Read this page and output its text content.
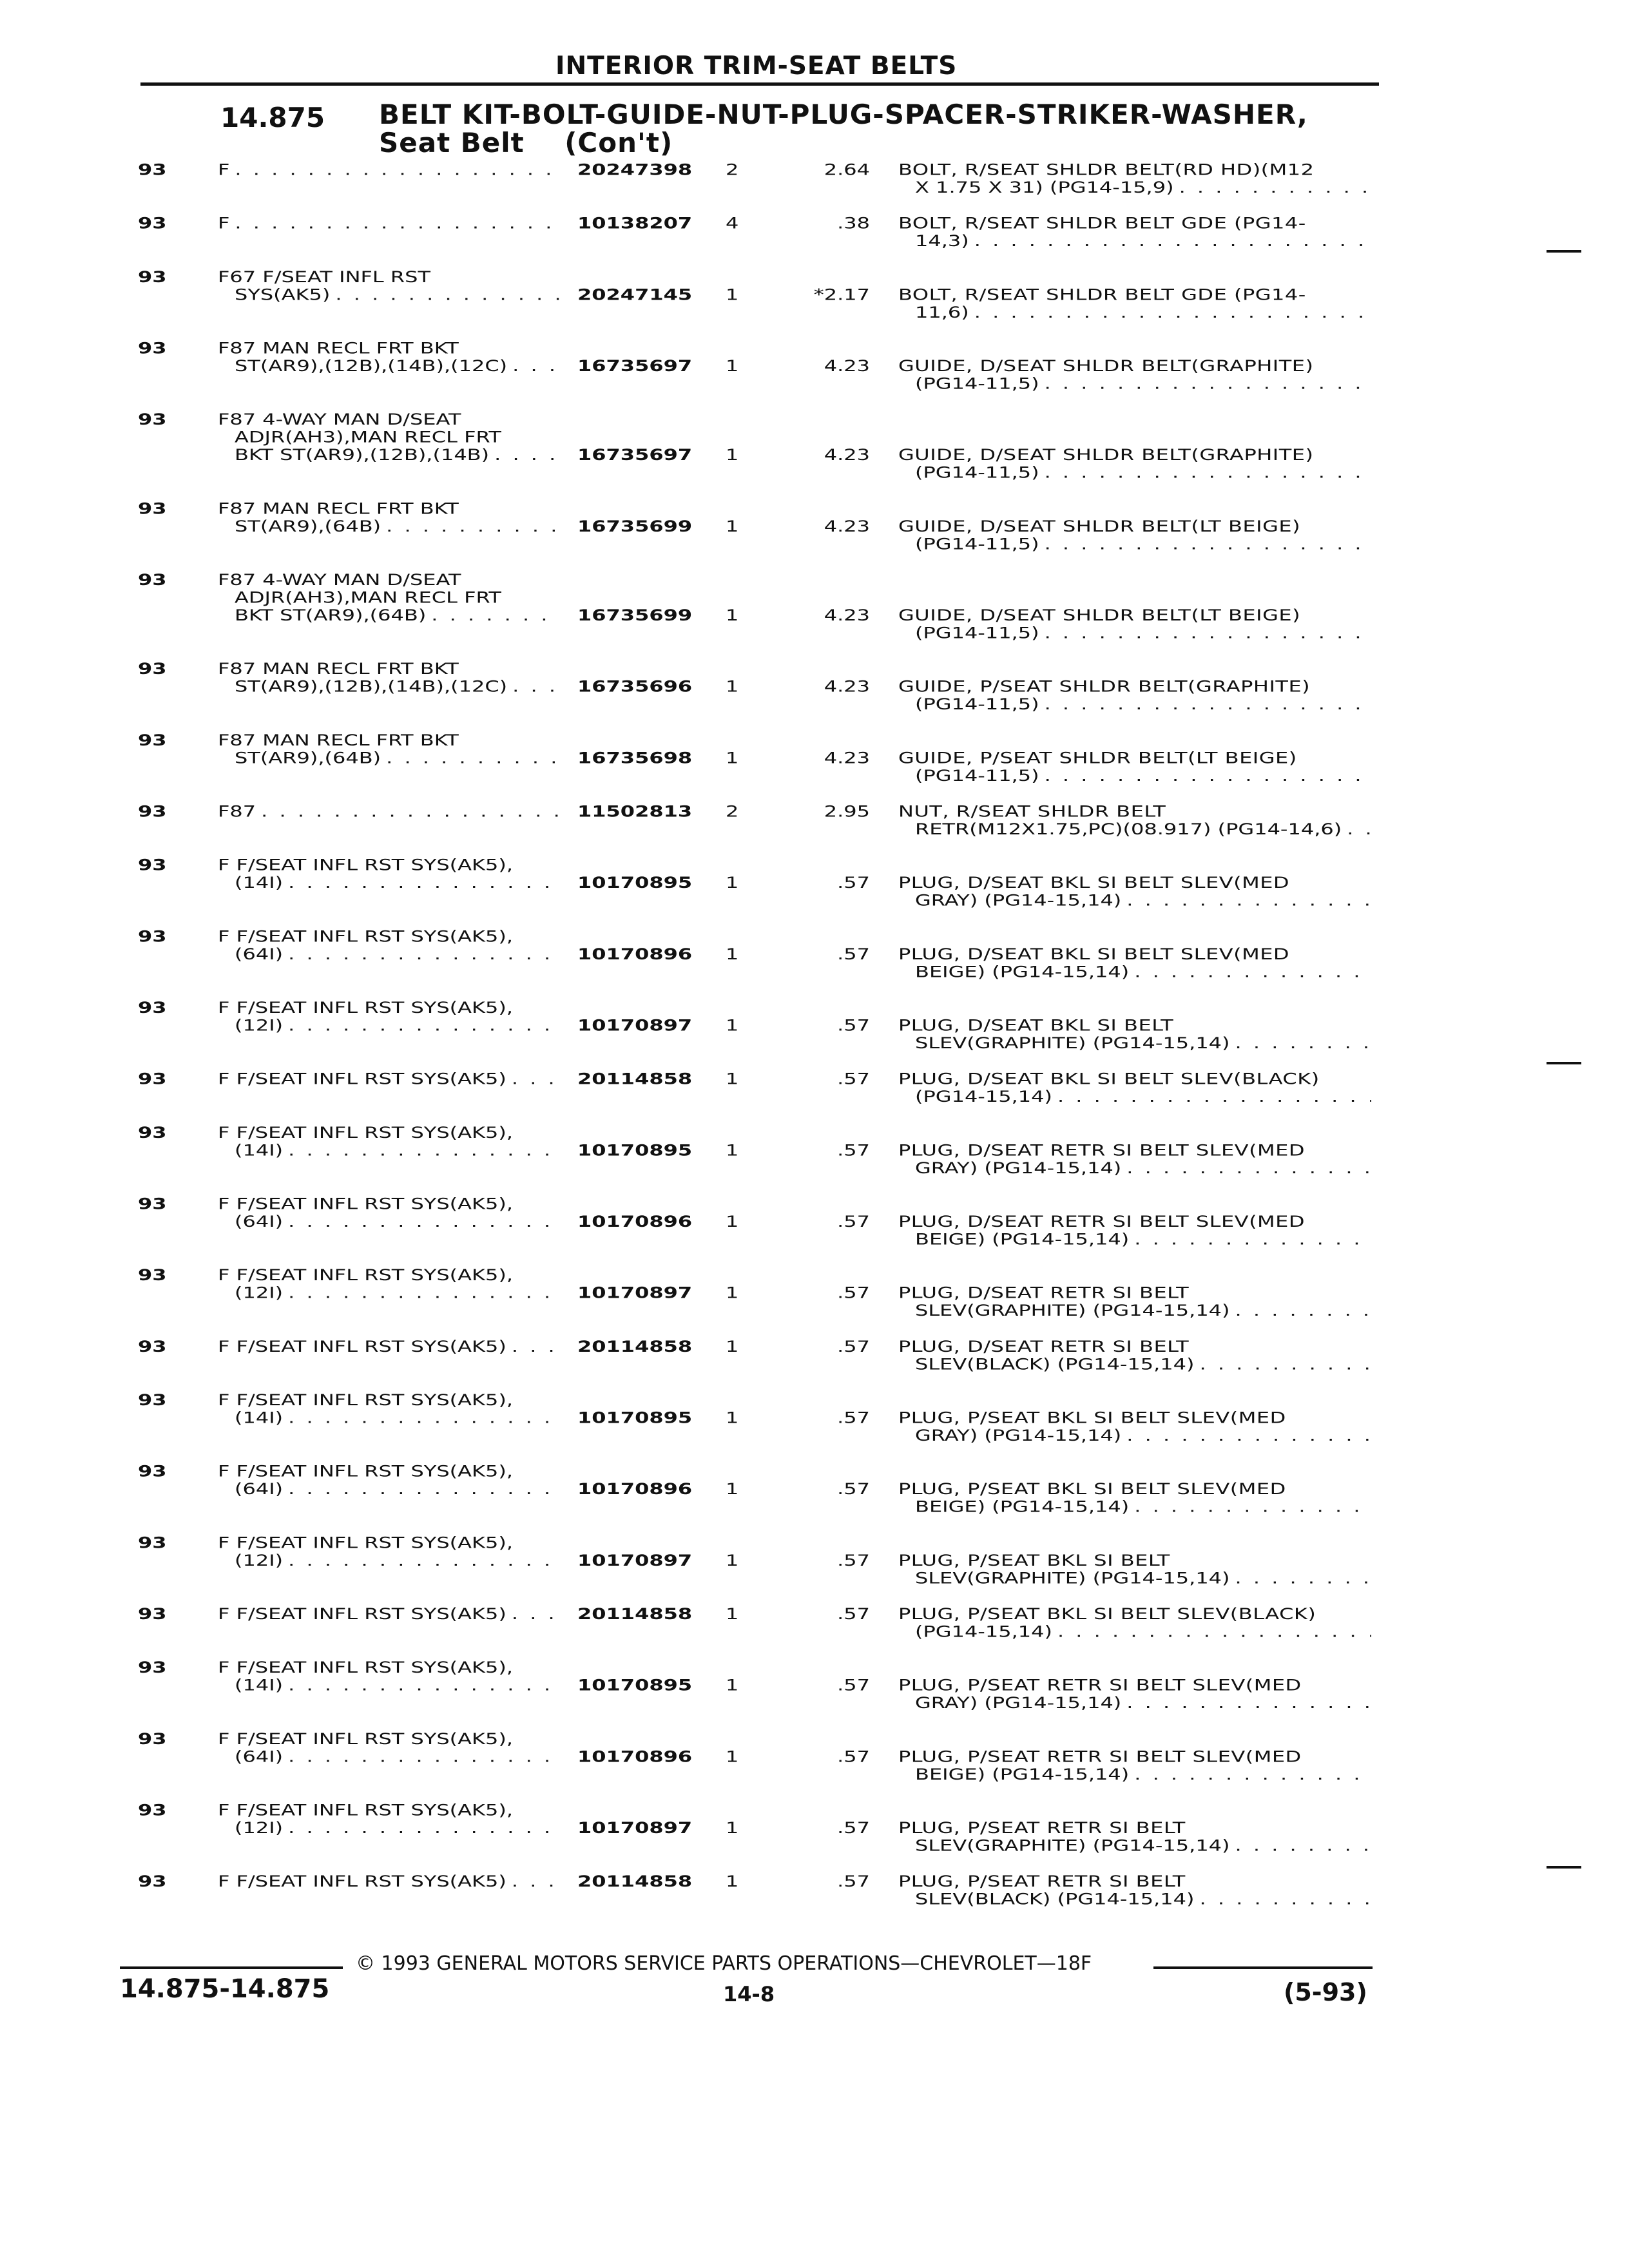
INTERIOR TRIM-SEAT BELTS
14.875 BELT KIT-BOLT-GUIDE-NUT-PLUG-SPACER-STRIKER-WASHER,
Seat Belt    (Con't)
93 F . . .	20247398	2	2.64 BOLT, R/SEAT SHLDR BELT(RD HD)(M12
X 1.75 X 31) (PG14-15,9)
. . .
93 F . . .	10138207	4	.38 BOLT, R/SEAT SHLDR BELT GDE (PG14-
14,3)
. . .
93 F67 F/SEAT INFL RST
SYS(AK5) . . .	20247145	1	*2.17 BOLT, R/SEAT SHLDR BELT GDE (PG14-
11,6)
. . .
93 F87 MAN RECL FRT BKT
ST(AR9),(12B),(14B),(12C) . . .	16735697	1	4.23 GUIDE, D/SEAT SHLDR BELT(GRAPHITE)
(PG14-11,5)
. . .
93 F87 4-WAY MAN D/SEAT
ADJR(AH3),MAN RECL FRT
BKT ST(AR9),(12B),(14B) . . .	16735697	1	4.23 GUIDE, D/SEAT SHLDR BELT(GRAPHITE)
(PG14-11,5)
. . .
93 F87 MAN RECL FRT BKT
ST(AR9),(64B) . . .	16735699	1	4.23 GUIDE, D/SEAT SHLDR BELT(LT BEIGE)
(PG14-11,5)
. . .
93 F87 4-WAY MAN D/SEAT
ADJR(AH3),MAN RECL FRT
BKT ST(AR9),(64B) . . .	16735699	1	4.23 GUIDE, D/SEAT SHLDR BELT(LT BEIGE)
(PG14-11,5)
. . .
93 F87 MAN RECL FRT BKT
ST(AR9),(12B),(14B),(12C) . . .	16735696	1	4.23 GUIDE, P/SEAT SHLDR BELT(GRAPHITE)
(PG14-11,5)
. . .
93 F87 MAN RECL FRT BKT
ST(AR9),(64B) . . .	16735698	1	4.23 GUIDE, P/SEAT SHLDR BELT(LT BEIGE)
(PG14-11,5)
. . .
93 F87 . . .	11502813	2	2.95 NUT, R/SEAT SHLDR BELT
RETR(M12X1.75,PC)(08.917) (PG14-14,6)
. . .
93 F F/SEAT INFL RST SYS(AK5),
(14I) . . .	10170895	1	.57 PLUG, D/SEAT BKL SI BELT SLEV(MED
GRAY) (PG14-15,14)
. . .
93 F F/SEAT INFL RST SYS(AK5),
(64I) . . .	10170896	1	.57 PLUG, D/SEAT BKL SI BELT SLEV(MED
BEIGE) (PG14-15,14)
. . .
93 F F/SEAT INFL RST SYS(AK5),
(12I) . . .	10170897	1	.57 PLUG, D/SEAT BKL SI BELT
SLEV(GRAPHITE) (PG14-15,14)
. . .
93 F F/SEAT INFL RST SYS(AK5) . . .	20114858	1	.57 PLUG, D/SEAT BKL SI BELT SLEV(BLACK)
(PG14-15,14)
. . .
93 F F/SEAT INFL RST SYS(AK5),
(14I) . . .	10170895	1	.57 PLUG, D/SEAT RETR SI BELT SLEV(MED
GRAY) (PG14-15,14)
. . .
93 F F/SEAT INFL RST SYS(AK5),
(64I) . . .	10170896	1	.57 PLUG, D/SEAT RETR SI BELT SLEV(MED
BEIGE) (PG14-15,14)
. . .
93 F F/SEAT INFL RST SYS(AK5),
(12I) . . .	10170897	1	.57 PLUG, D/SEAT RETR SI BELT
SLEV(GRAPHITE) (PG14-15,14)
. . .
93 F F/SEAT INFL RST SYS(AK5) . . .	20114858	1	.57 PLUG, D/SEAT RETR SI BELT
SLEV(BLACK) (PG14-15,14)
. . .
93 F F/SEAT INFL RST SYS(AK5),
(14I) . . .	10170895	1	.57 PLUG, P/SEAT BKL SI BELT SLEV(MED
GRAY) (PG14-15,14)
. . .
93 F F/SEAT INFL RST SYS(AK5),
(64I) . . .	10170896	1	.57 PLUG, P/SEAT BKL SI BELT SLEV(MED
BEIGE) (PG14-15,14)
. . .
93 F F/SEAT INFL RST SYS(AK5),
(12I) . . .	10170897	1	.57 PLUG, P/SEAT BKL SI BELT
SLEV(GRAPHITE) (PG14-15,14)
. . .
93 F F/SEAT INFL RST SYS(AK5) . . .	20114858	1	.57 PLUG, P/SEAT BKL SI BELT SLEV(BLACK)
(PG14-15,14)
. . .
93 F F/SEAT INFL RST SYS(AK5),
(14I) . . .	10170895	1	.57 PLUG, P/SEAT RETR SI BELT SLEV(MED
GRAY) (PG14-15,14)
. . .
93 F F/SEAT INFL RST SYS(AK5),
(64I) . . .	10170896	1	.57 PLUG, P/SEAT RETR SI BELT SLEV(MED
BEIGE) (PG14-15,14)
. . .
93 F F/SEAT INFL RST SYS(AK5),
(12I) . . .	10170897	1	.57 PLUG, P/SEAT RETR SI BELT
SLEV(GRAPHITE) (PG14-15,14)
. . .
93 F F/SEAT INFL RST SYS(AK5) . . .	20114858	1	.57 PLUG, P/SEAT RETR SI BELT
SLEV(BLACK) (PG14-15,14)
. . .
© 1993 GENERAL MOTORS SERVICE PARTS OPERATIONS—CHEVROLET—18F
14.875-14.875	14-8	(5-93)
